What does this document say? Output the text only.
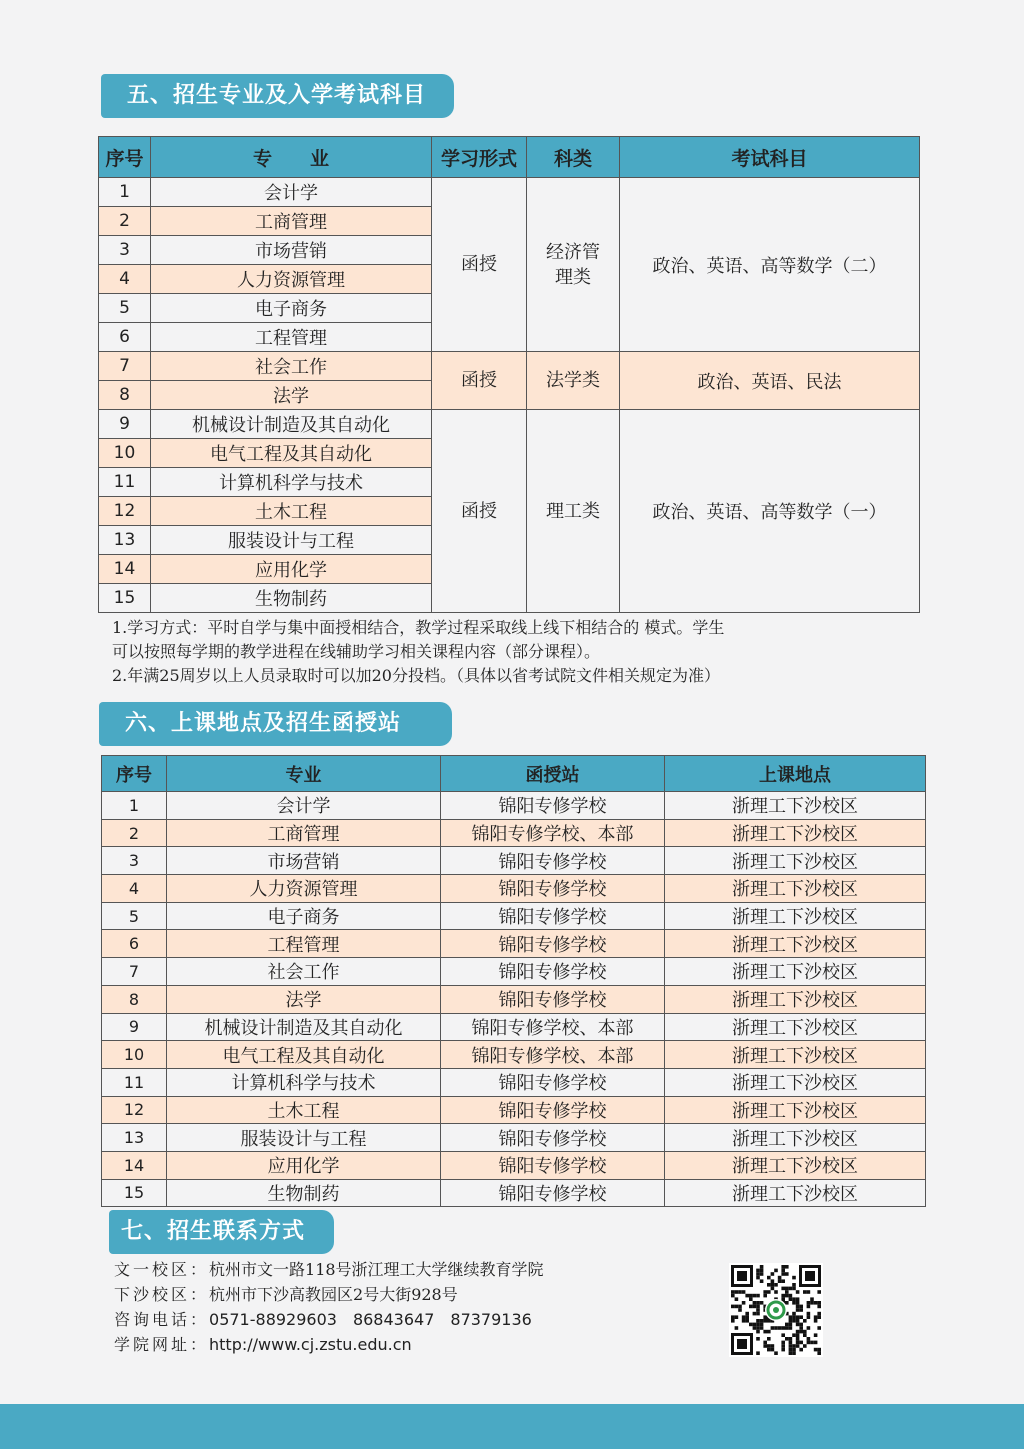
五、招生专业及入学考试科目
序号	专　　业	学习形式	科类	考试科目
1	会计学	函授	经济管理类	政治、英语、高等数学（二）
2	工商管理			
3	市场营销			
4	人力资源管理			
5	电子商务			
6	工程管理			
7	社会工作	函授	法学类	政治、英语、民法
8	法学			
9	机械设计制造及其自动化	函授	理工类	政治、英语、高等数学（一）
10	电气工程及其自动化			
11	计算机科学与技术			
12	土木工程			
13	服装设计与工程			
14	应用化学			
15	生物制药			

1.学习方式：平时自学与集中面授相结合，教学过程采取线上线下相结合的 模式。学生

可以按照每学期的教学进程在线辅助学习相关课程内容（部分课程）。

2.年满25周岁以上人员录取时可以加20分投档。（具体以省考试院文件相关规定为准）

六、上课地点及招生函授站
序号	专业	函授站	上课地点
1	会计学	锦阳专修学校	浙理工下沙校区
2	工商管理	锦阳专修学校、本部	浙理工下沙校区
3	市场营销	锦阳专修学校	浙理工下沙校区
4	人力资源管理	锦阳专修学校	浙理工下沙校区
5	电子商务	锦阳专修学校	浙理工下沙校区
6	工程管理	锦阳专修学校	浙理工下沙校区
7	社会工作	锦阳专修学校	浙理工下沙校区
8	法学	锦阳专修学校	浙理工下沙校区
9	机械设计制造及其自动化	锦阳专修学校、本部	浙理工下沙校区
10	电气工程及其自动化	锦阳专修学校、本部	浙理工下沙校区
11	计算机科学与技术	锦阳专修学校	浙理工下沙校区
12	土木工程	锦阳专修学校	浙理工下沙校区
13	服装设计与工程	锦阳专修学校	浙理工下沙校区
14	应用化学	锦阳专修学校	浙理工下沙校区
15	生物制药	锦阳专修学校	浙理工下沙校区
七、招生联系方式

文一校区：杭州市文一路118号浙江理工大学继续教育学院

下沙校区：杭州市下沙高教园区2号大街928号

咨询电话：0571-88929603　86843647　87379136

学院网址：http://www.cj.zstu.edu.cn
